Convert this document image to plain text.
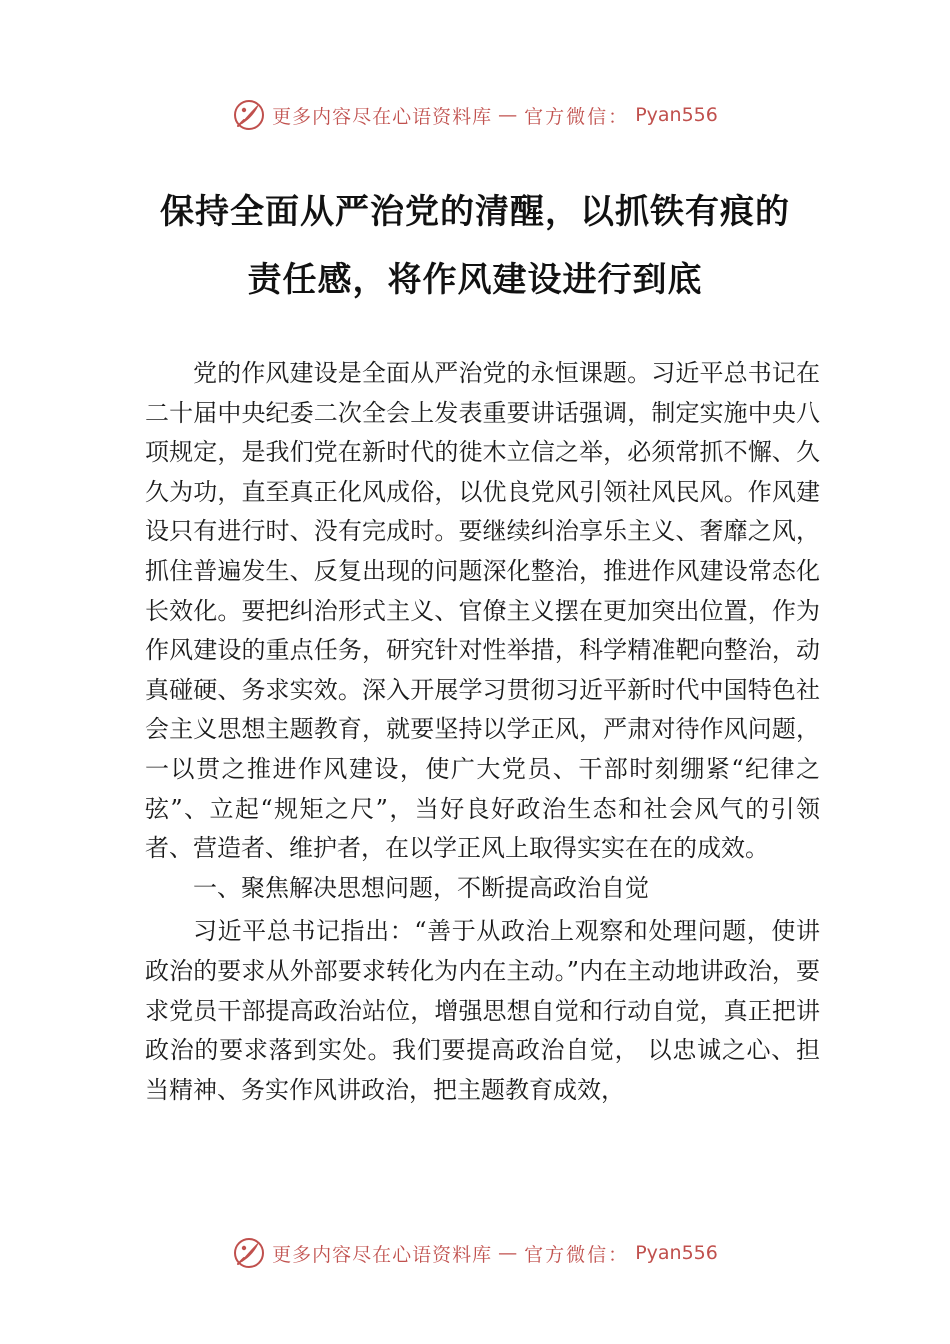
更多内容尽在心语资料库 — 官方微信： Pyan556
保持全面从严治党的清醒，以抓铁有痕的
责任感，将作风建设进行到底

党的作风建设是全面从严治党的永恒课题。习近平总书记在二十届中央纪委二次全会上发表重要讲话强调，制定实施中央八项规定，是我们党在新时代的徙木立信之举，必须常抓不懈、久久为功，直至真正化风成俗，以优良党风引领社风民风。作风建设只有进行时、没有完成时。要继续纠治享乐主义、奢靡之风，抓住普遍发生、反复出现的问题深化整治，推进作风建设常态化长效化。要把纠治形式主义、官僚主义摆在更加突出位置，作为作风建设的重点任务，研究针对性举措，科学精准靶向整治，动真碰硬、务求实效。深入开展学习贯彻习近平新时代中国特色社会主义思想主题教育，就要坚持以学正风，严肃对待作风问题，一以贯之推进作风建设，使广大党员、干部时刻绷紧“纪律之弦”、立起“规矩之尺”，当好良好政治生态和社会风气的引领者、营造者、维护者，在以学正风上取得实实在在的成效。

一、聚焦解决思想问题，不断提高政治自觉

习近平总书记指出：“善于从政治上观察和处理问题，使讲政治的要求从外部要求转化为内在主动。”内在主动地讲政治，要求党员干部提高政治站位，增强思想自觉和行动自觉，真正把讲政治的要求落到实处。我们要提高政治自觉， 以忠诚之心、担当精神、务实作风讲政治，把主题教育成效，

更多内容尽在心语资料库 — 官方微信： Pyan556
